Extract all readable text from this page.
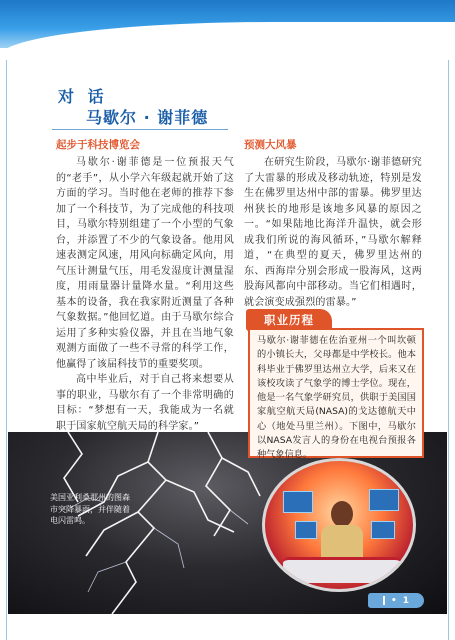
对 话
马歇尔 · 谢菲德
起步于科技博览会	预测大风暴

马歇尔·谢菲德是一位预报天气的“老手”，从小学六年级起就开始了这方面的学习。当时他在老师的推荐下参加了一个科技节，为了完成他的科技项目，马歇尔特别组建了一个小型的气象台，并添置了不少的气象设备。他用风速表测定风速，用风向标确定风向，用气压计测量气压，用毛发湿度计测量湿度，用雨量器计量降水量。“利用这些基本的设备，我在我家附近测量了各种气象数据。”他回忆道。由于马歇尔综合运用了多种实验仪器，并且在当地气象观测方面做了一些不寻常的科学工作，他赢得了该届科技节的重要奖项。

高中毕业后，对于自己将来想要从事的职业，马歇尔有了一个非常明确的目标：“梦想有一天，我能成为一名就职于国家航空航天局的科学家。”

在研究生阶段，马歇尔·谢菲德研究了大雷暴的形成及移动轨迹，特别是发生在佛罗里达州中部的雷暴。佛罗里达州狭长的地形是该地多风暴的原因之一。“如果陆地比海洋升温快，就会形成我们所说的海风循环，”马歇尔解释道，“在典型的夏天，佛罗里达州的东、西海岸分别会形成一股海风，这两股海风都向中部移动。当它们相遇时，就会演变成强烈的雷暴。”

美国亚利桑那州的图森市突降暴雨，并伴随着电闪雷鸣。
职业历程
马歇尔·谢菲德在佐治亚州一个叫坎顿的小镇长大，父母都是中学校长。他本科毕业于佛罗里达州立大学，后来又在该校攻读了气象学的博士学位。现在，他是一名气象学研究员，供职于美国国家航空航天局(NASA)的戈达德航天中心（地处马里兰州）。下图中，马歇尔以NASA发言人的身份在电视台预报各种气象信息。
• 1
